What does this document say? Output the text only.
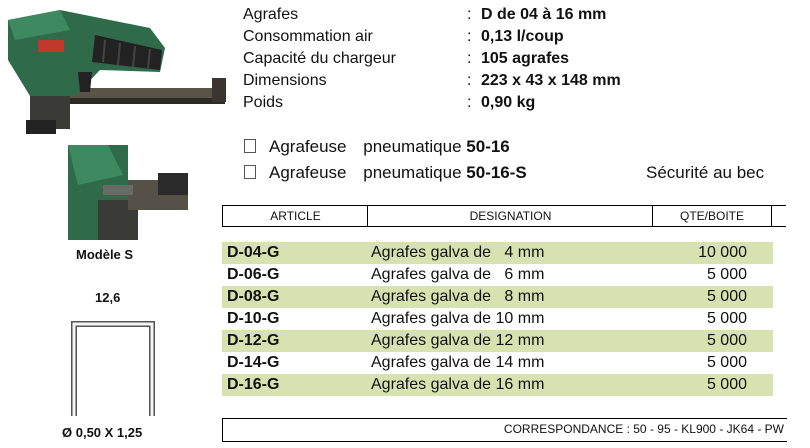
Modèle S
12,6
Ø 0,50 X 1,25
Agrafes	: D de 04 à 16 mm
Consommation air	: 0,13 l/coup
Capacité du chargeur	: 105 agrafes
Dimensions	: 223 x 43 x 148 mm
Poids	: 0,90 kg
Agrafeuse pneumatique 50-16
Agrafeuse pneumatique 50-16-S	Sécurité au bec
ARTICLE	DESIGNATION	QTE/BOITE
D-04-G	Agrafes galva de   4 mm	10 000
D-06-G	Agrafes galva de   6 mm	5 000
D-08-G	Agrafes galva de   8 mm	5 000
D-10-G	Agrafes galva de 10 mm	5 000
D-12-G	Agrafes galva de 12 mm	5 000
D-14-G	Agrafes galva de 14 mm	5 000
D-16-G	Agrafes galva de 16 mm	5 000
CORRESPONDANCE : 50 - 95 - KL900 - JK64 - PW
